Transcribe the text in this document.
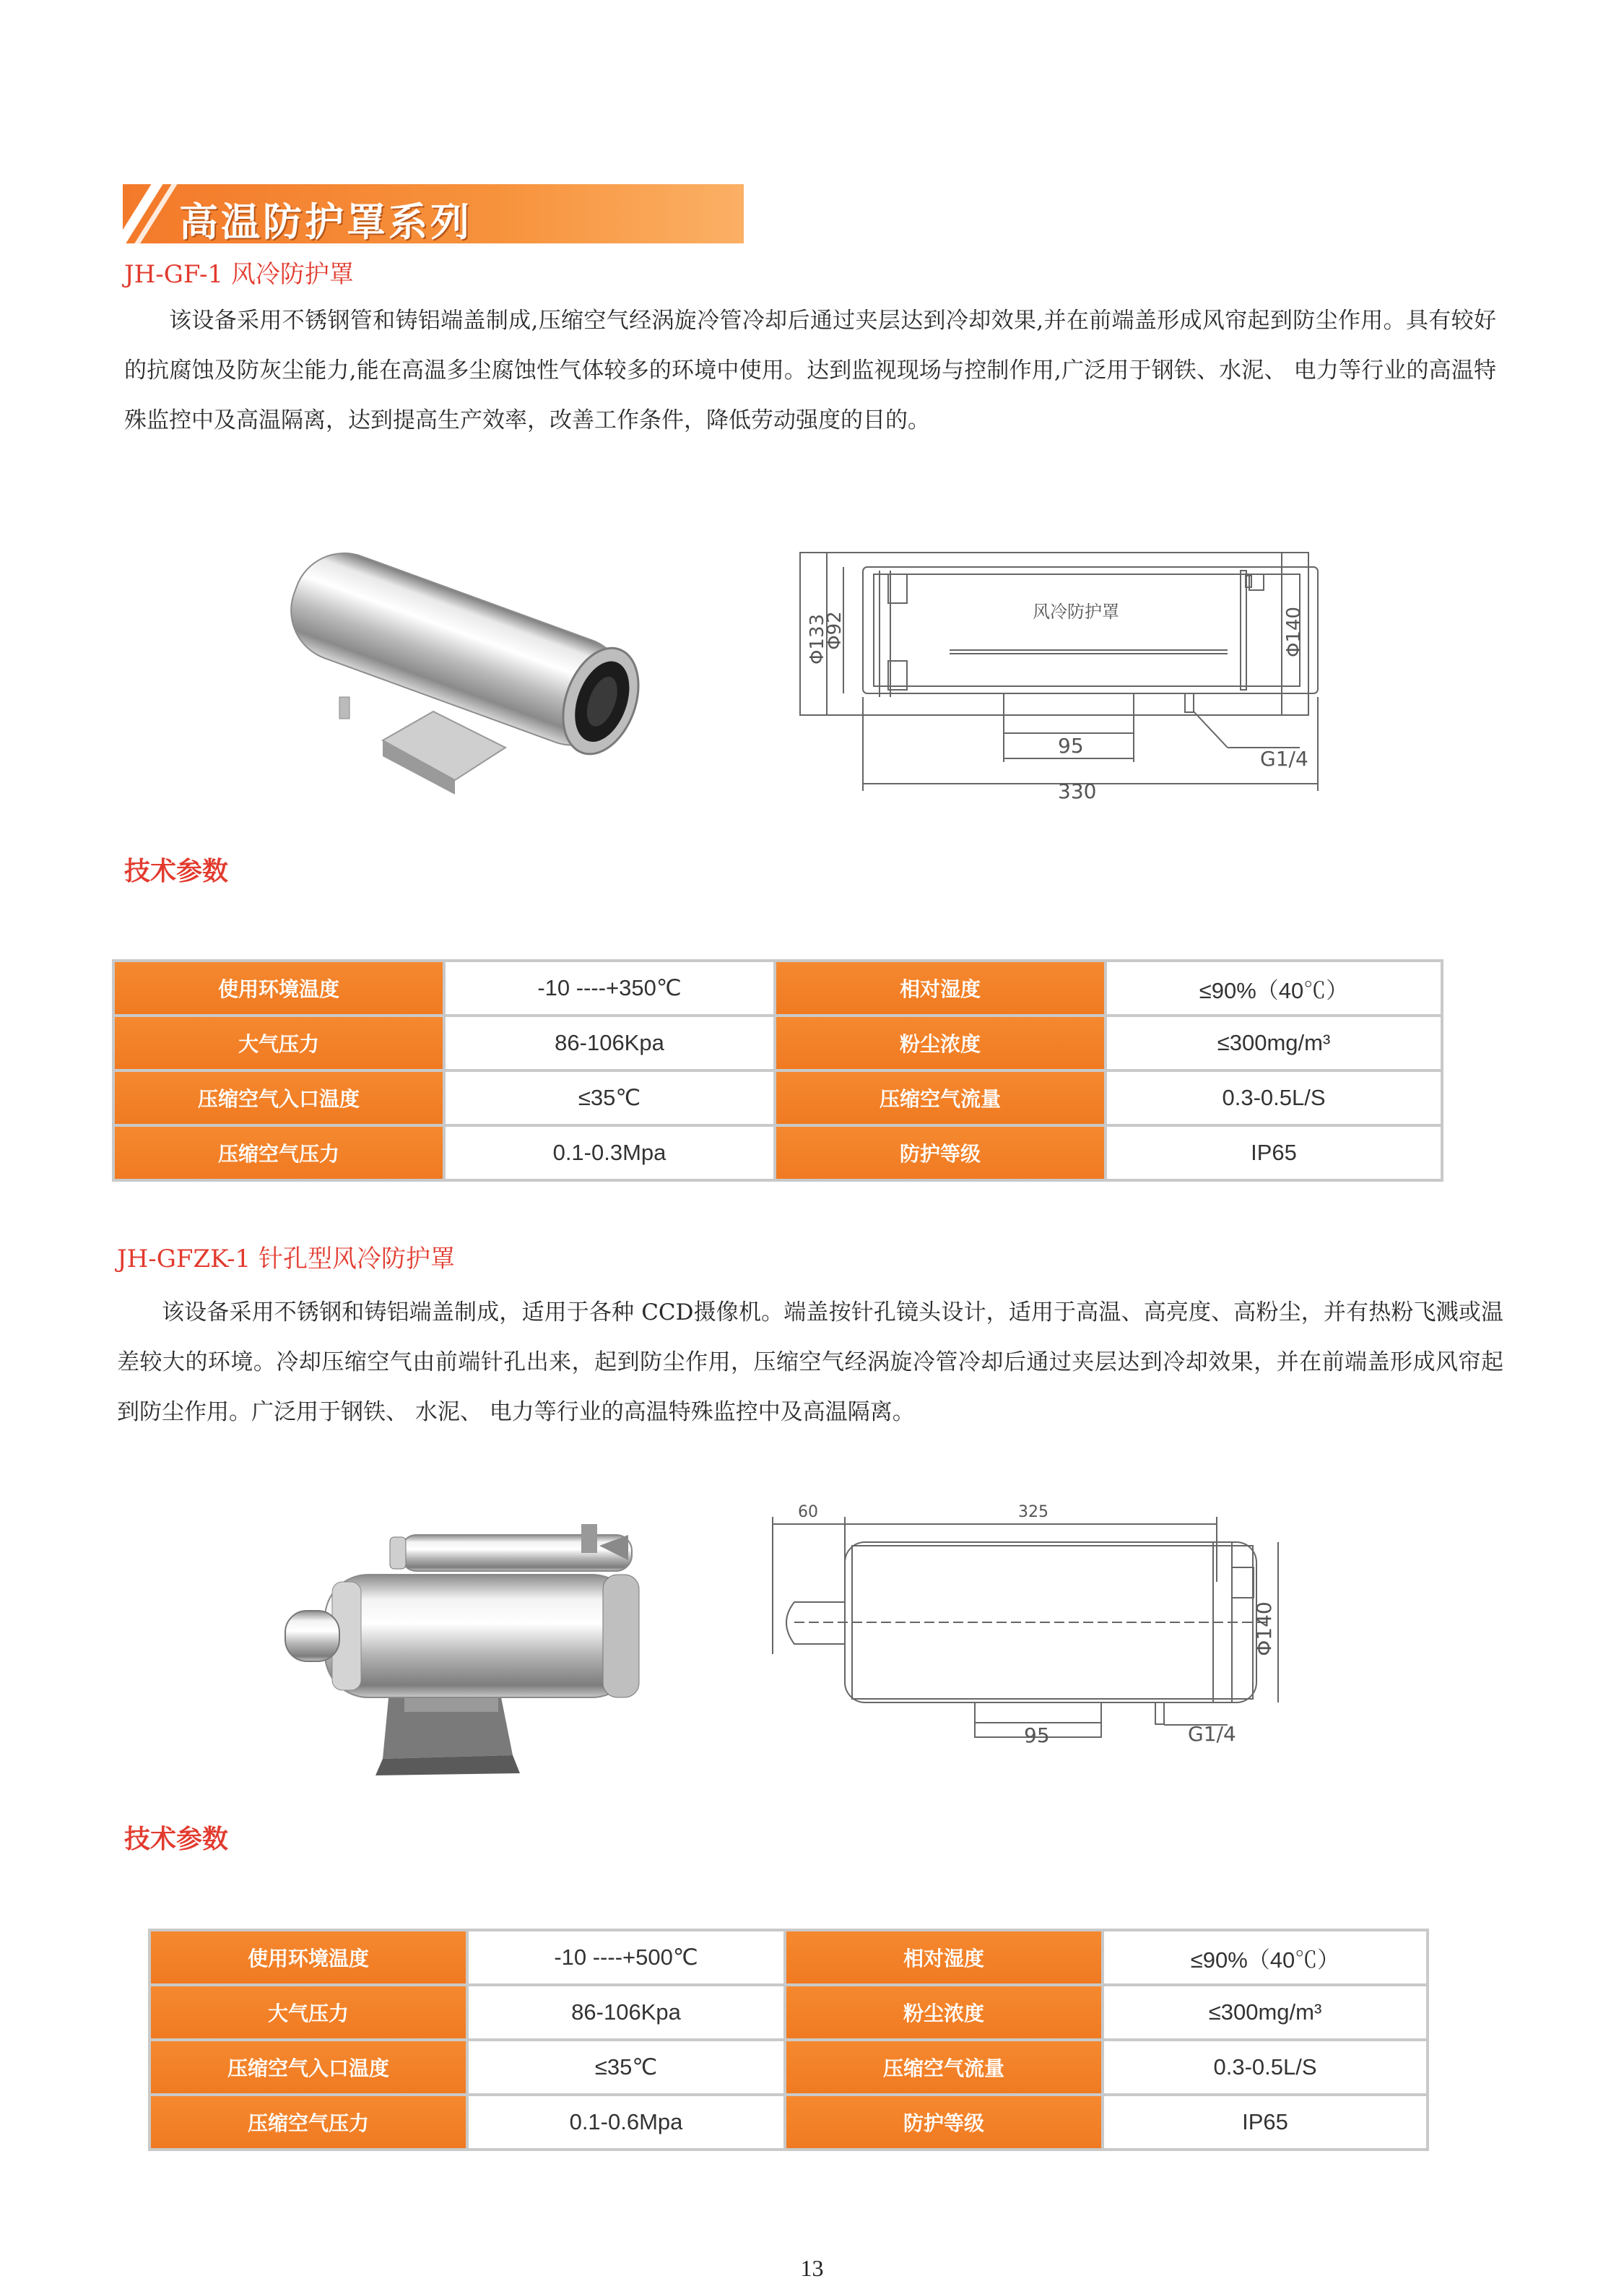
高温防护罩系列
JH-GF-1 风冷防护罩
该设备采用不锈钢管和铸铝端盖制成,压缩空气经涡旋冷管冷却后通过夹层达到冷却效果,并在前端盖形成风帘起到防尘作用。具有较好的抗腐蚀及防灰尘能力,能在高温多尘腐蚀性气体较多的环境中使用。达到监视现场与控制作用,广泛用于钢铁、水泥、 电力等行业的高温特殊监控中及高温隔离，达到提高生产效率，改善工作条件，降低劳动强度的目的。
风冷防护罩
Φ133
Φ92	Φ140
95
330
G1/4
技术参数
使用环境温度	-10 ----+350℃	相对湿度	≤90%（40℃）
大气压力	86-106Kpa	粉尘浓度	≤300mg/m³
压缩空气入口温度	≤35℃	压缩空气流量	0.3-0.5L/S
压缩空气压力	0.1-0.3Mpa	防护等级	IP65
JH-GFZK-1 针孔型风冷防护罩
该设备采用不锈钢和铸铝端盖制成，适用于各种 CCD摄像机。端盖按针孔镜头设计，适用于高温、高亮度、高粉尘，并有热粉飞溅或温差较大的环境。冷却压缩空气由前端针孔出来，起到防尘作用，压缩空气经涡旋冷管冷却后通过夹层达到冷却效果，并在前端盖形成风帘起到防尘作用。广泛用于钢铁、 水泥、 电力等行业的高温特殊监控中及高温隔离。
60	325
Φ140
95	G1/4
技术参数
使用环境温度	-10 ----+500℃	相对湿度	≤90%（40℃）
大气压力	86-106Kpa	粉尘浓度	≤300mg/m³
压缩空气入口温度	≤35℃	压缩空气流量	0.3-0.5L/S
压缩空气压力	0.1-0.6Mpa	防护等级	IP65
13
